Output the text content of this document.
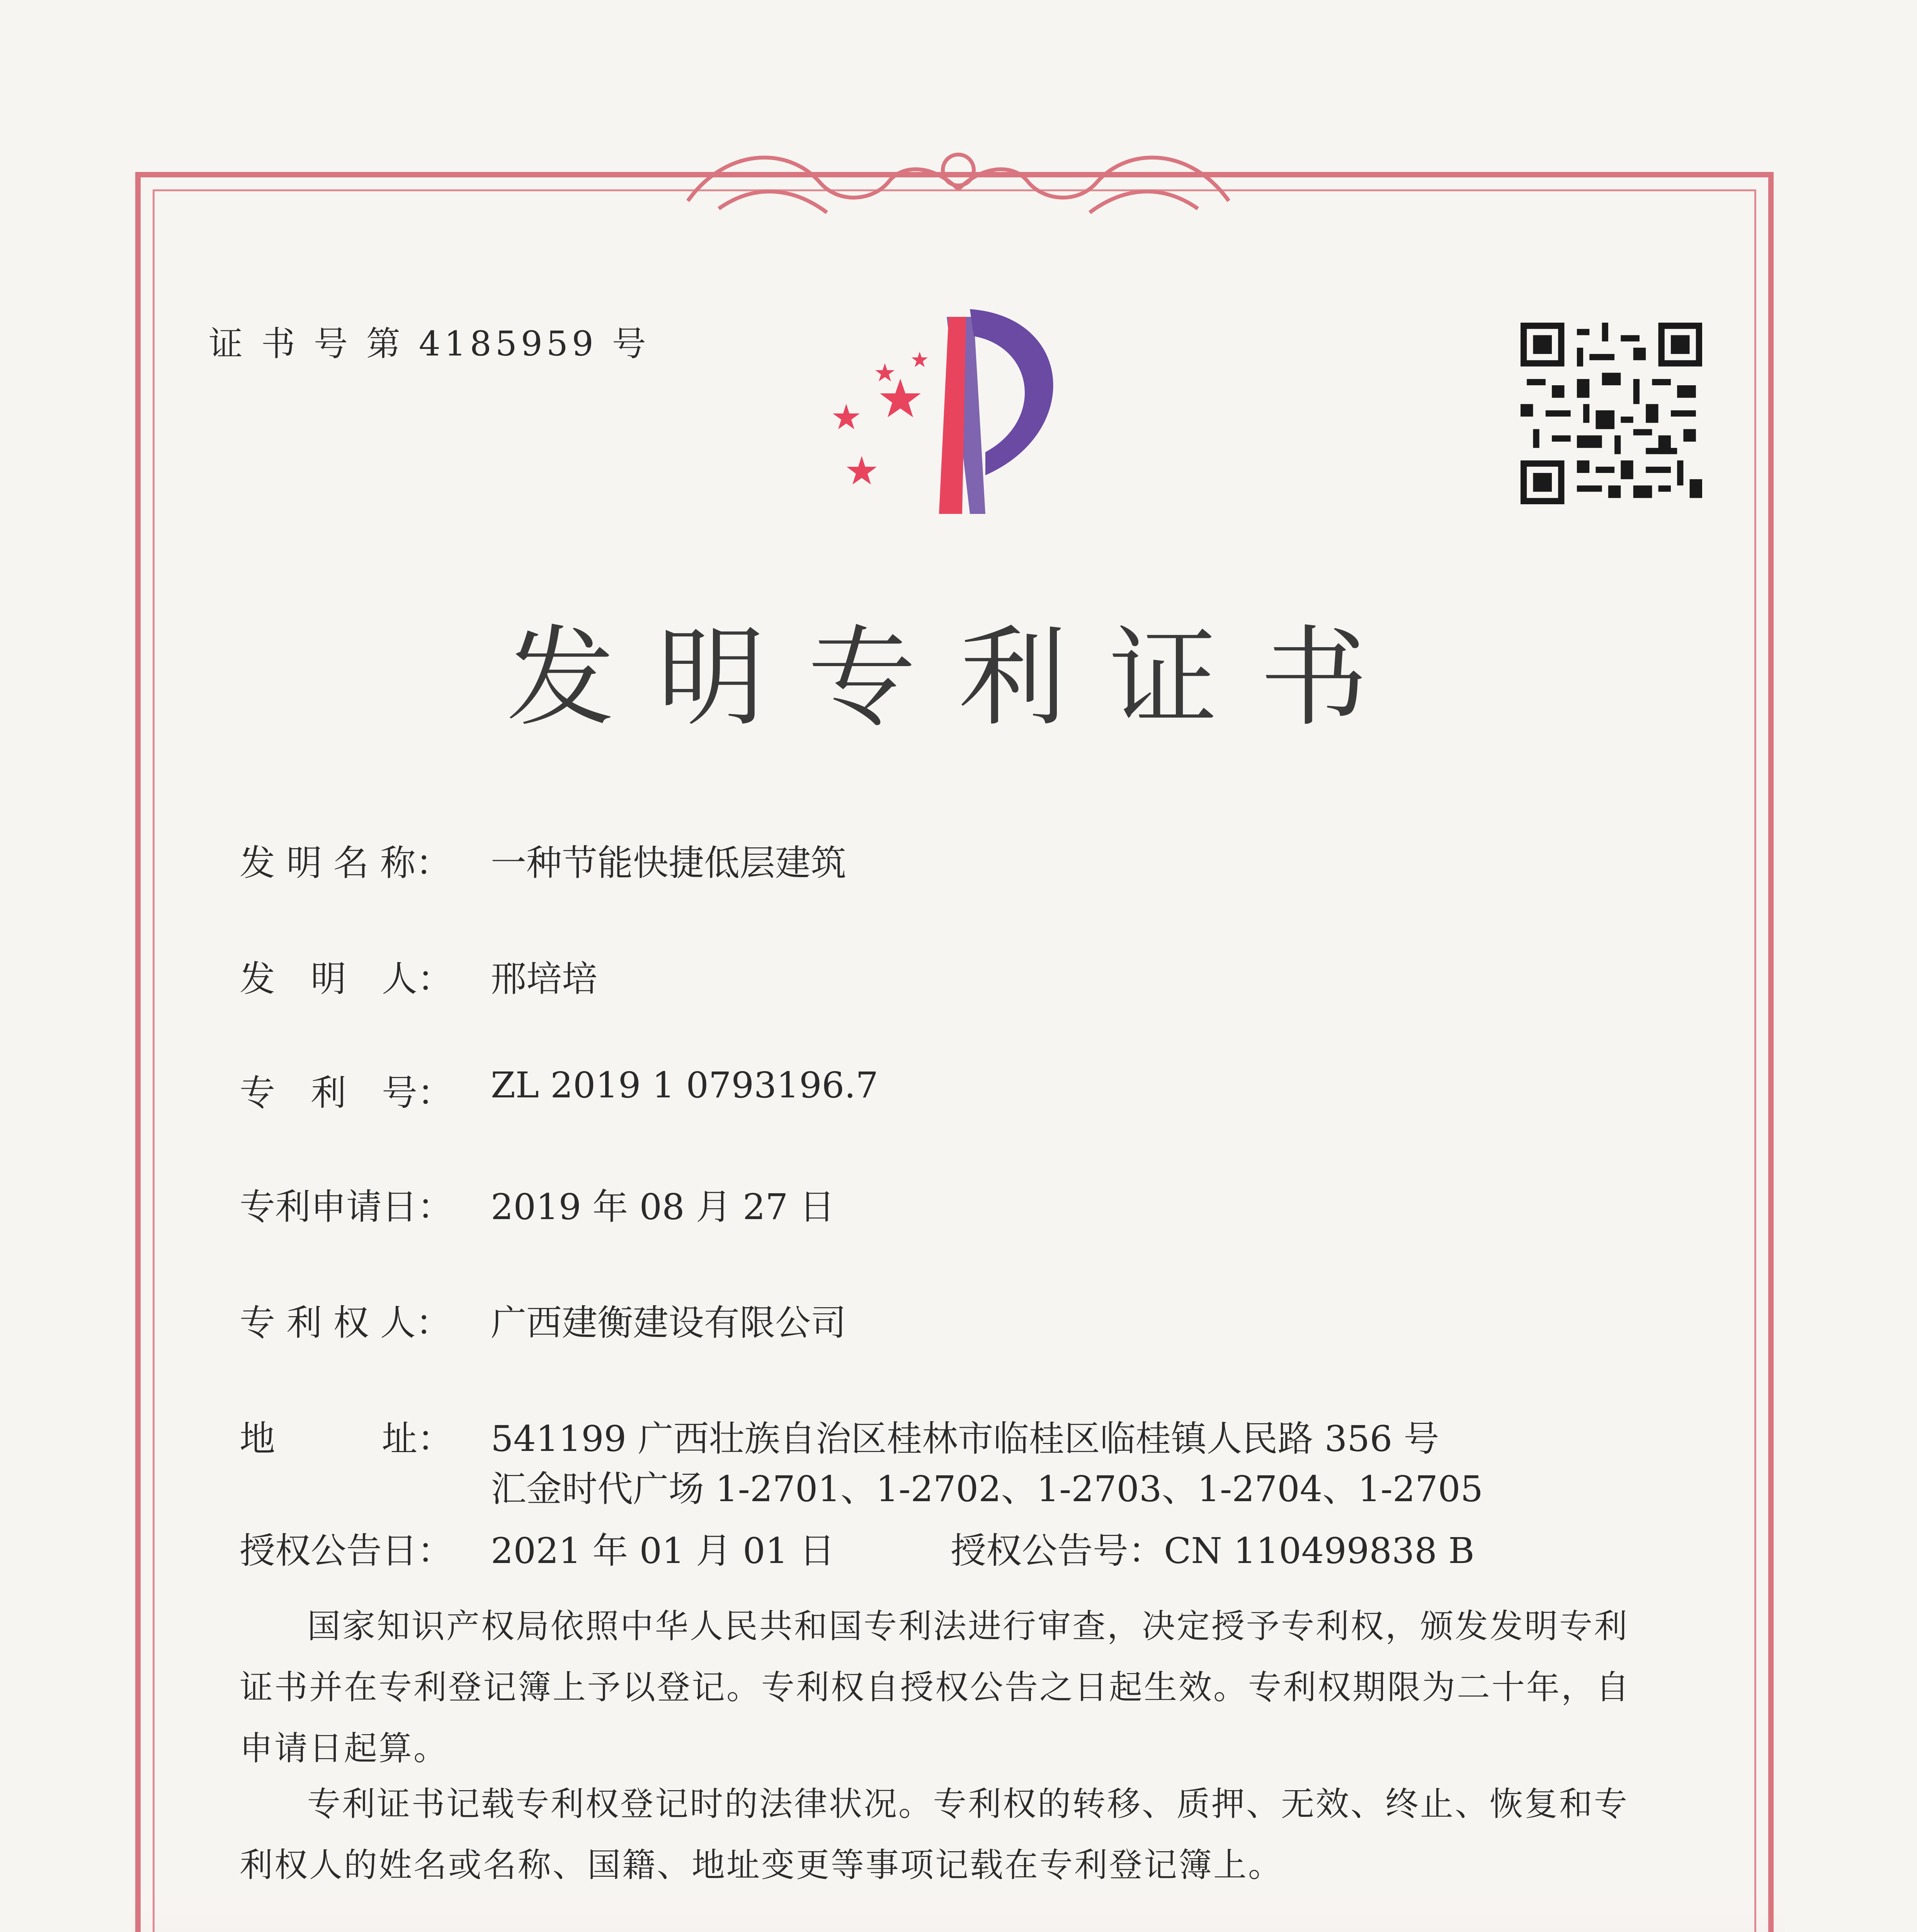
证 书 号 第 4185959 号
发明专利证书
发 明 名 称：	一种节能快捷低层建筑
发　明　人：	邢培培
专　利　号：	ZL 2019 1 0793196.7
专利申请日：	2019 年 08 月 27 日
专 利 权 人：	广西建衡建设有限公司
地　　　址：	541199 广西壮族自治区桂林市临桂区临桂镇人民路 356 号
汇金时代广场 1-2701、1-2702、1-2703、1-2704、1-2705
授权公告日：	2021 年 01 月 01 日	授权公告号：CN 110499838 B
国家知识产权局依照中华人民共和国专利法进行审查，决定授予专利权，颁发发明专利证书并在专利登记簿上予以登记。专利权自授权公告之日起生效。专利权期限为二十年，自申请日起算。
专利证书记载专利权登记时的法律状况。专利权的转移、质押、无效、终止、恢复和专利权人的姓名或名称、国籍、地址变更等事项记载在专利登记簿上。
